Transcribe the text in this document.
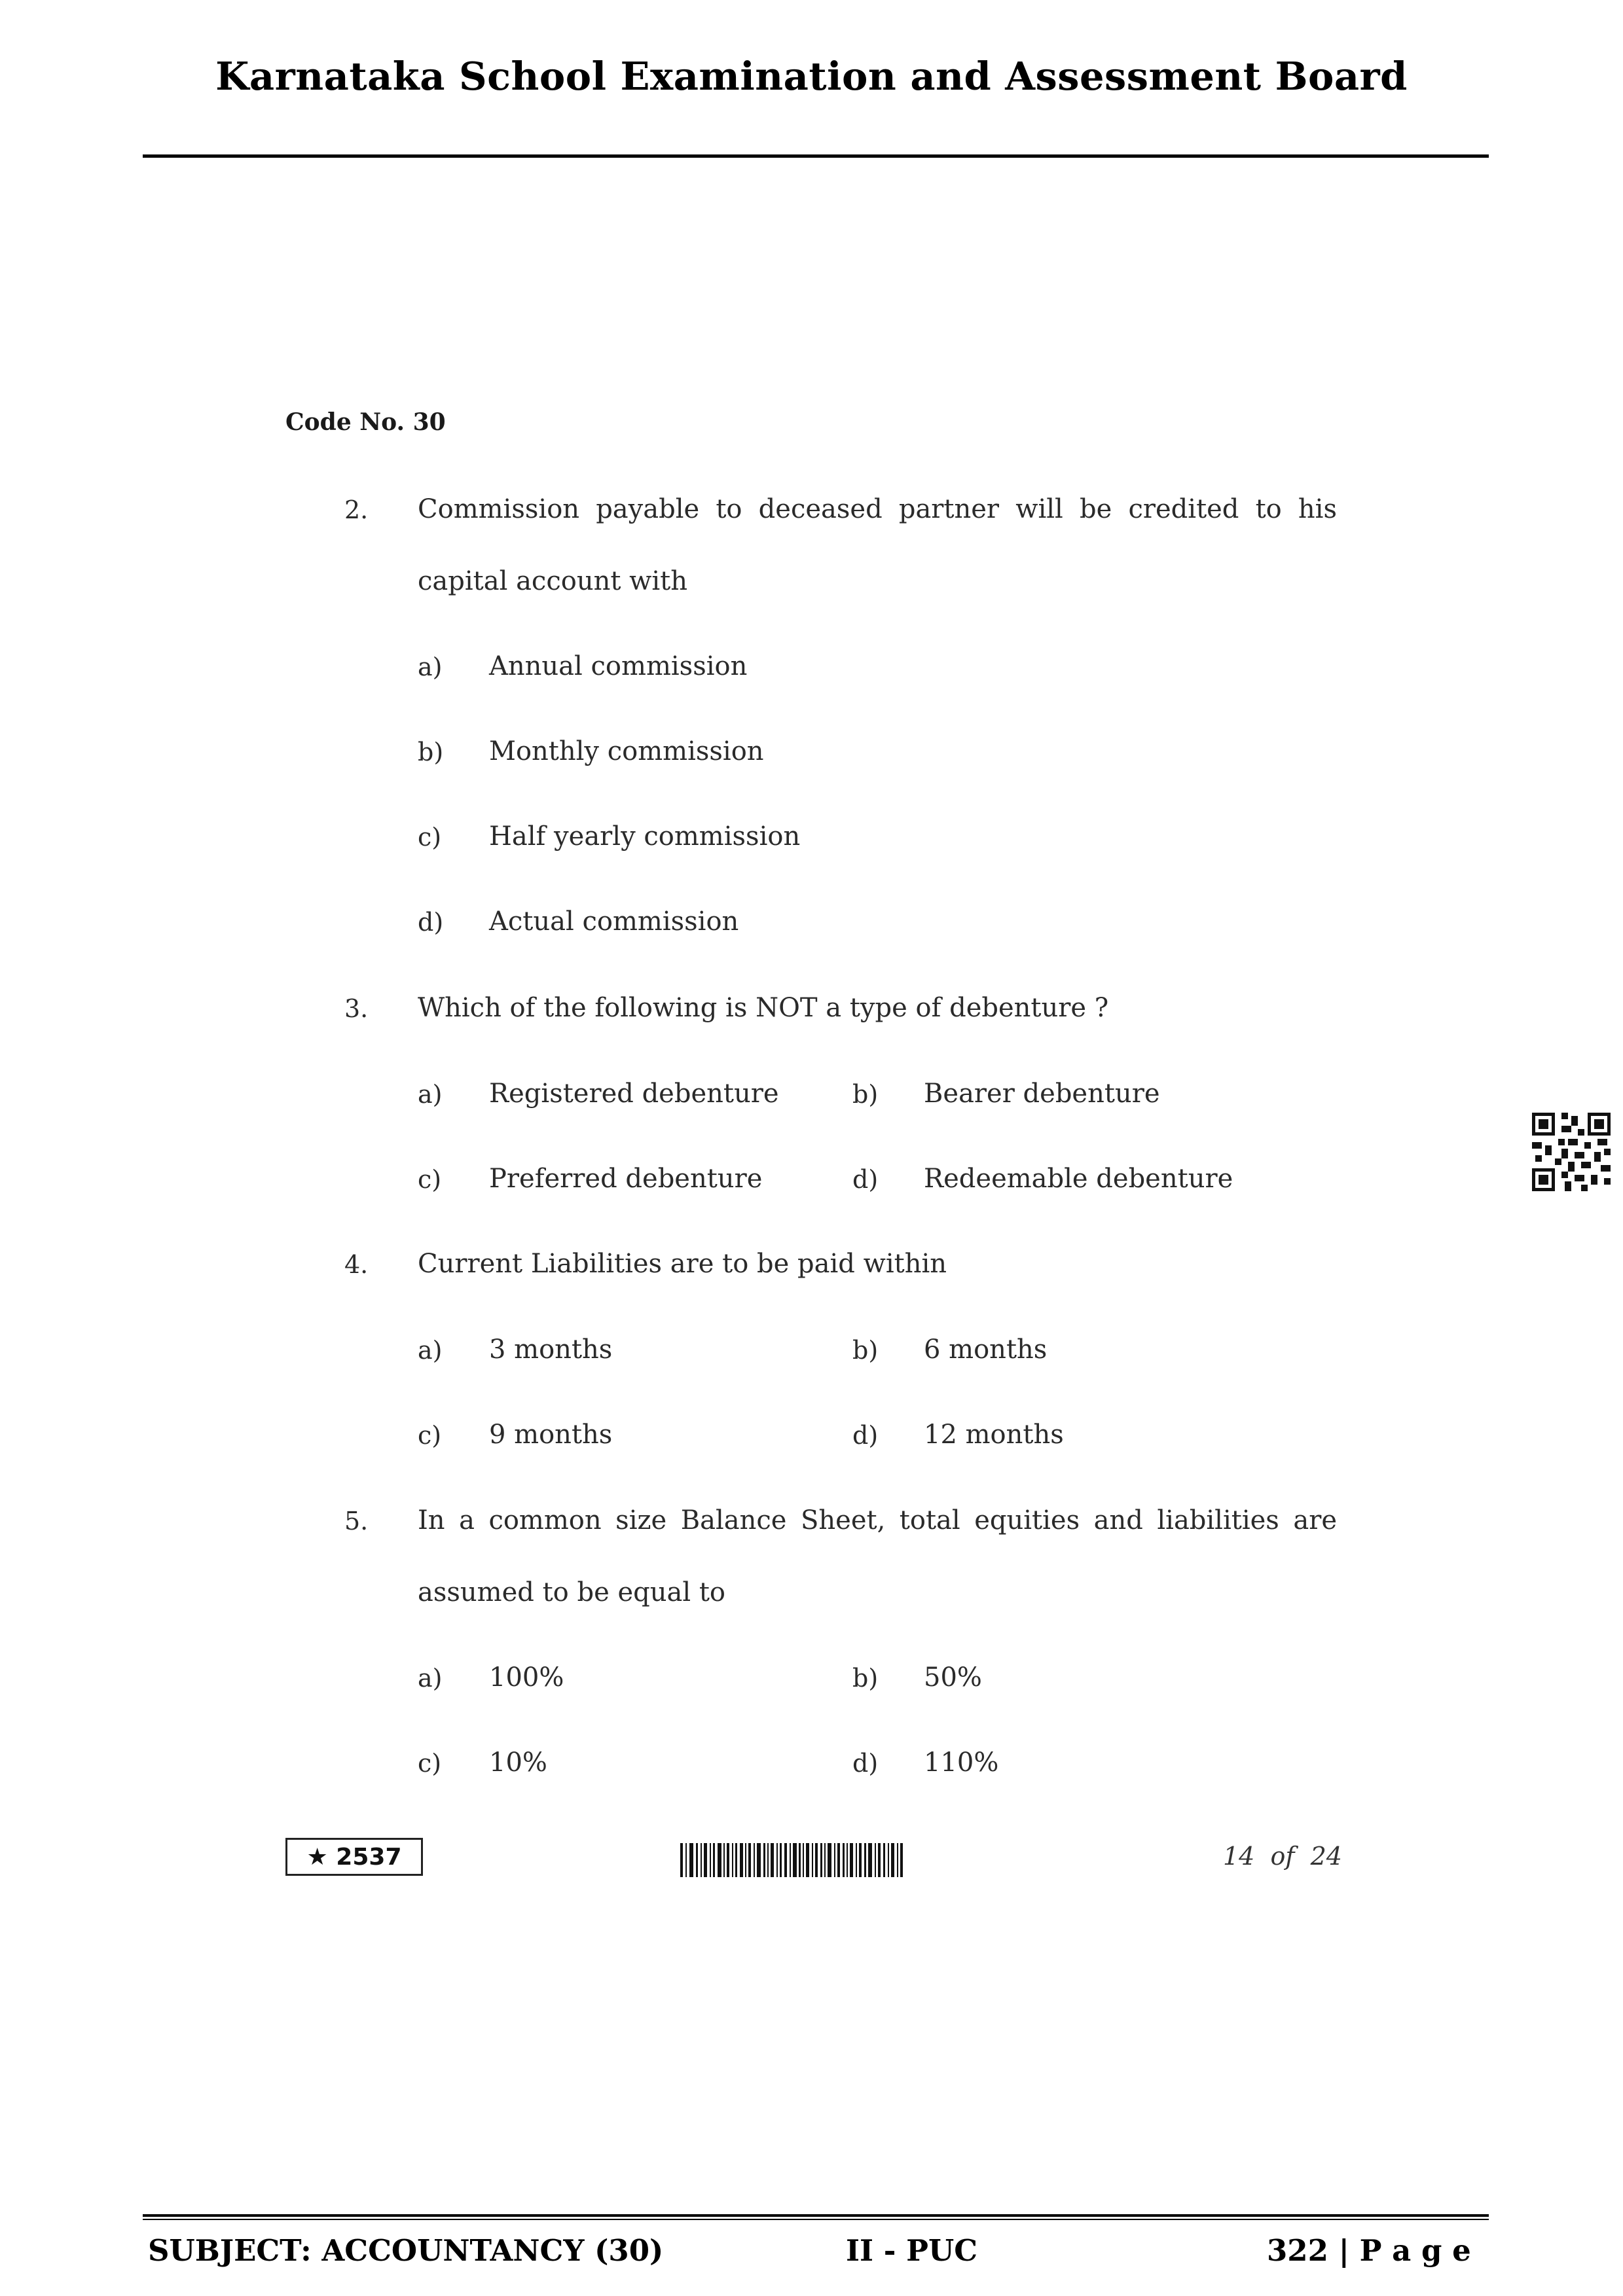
Karnataka School Examination and Assessment Board
Code No. 30
2. Commission payable to deceased partner will be credited to his
capital account with
a) Annual commission
b) Monthly commission
c) Half yearly commission
d) Actual commission
3. Which of the following is NOT a type of debenture ?
a) Registered debenture	b) Bearer debenture
c) Preferred debenture	d) Redeemable debenture
4. Current Liabilities are to be paid within
a) 3 months	b) 6 months
c) 9 months	d) 12 months
5. In a common size Balance Sheet, total equities and liabilities are
assumed to be equal to
a) 100%	b) 50%
c) 10%	d) 110%
★ 2537	14  of  24
SUBJECT: ACCOUNTANCY (30)	II - PUC	322 | P a g e
